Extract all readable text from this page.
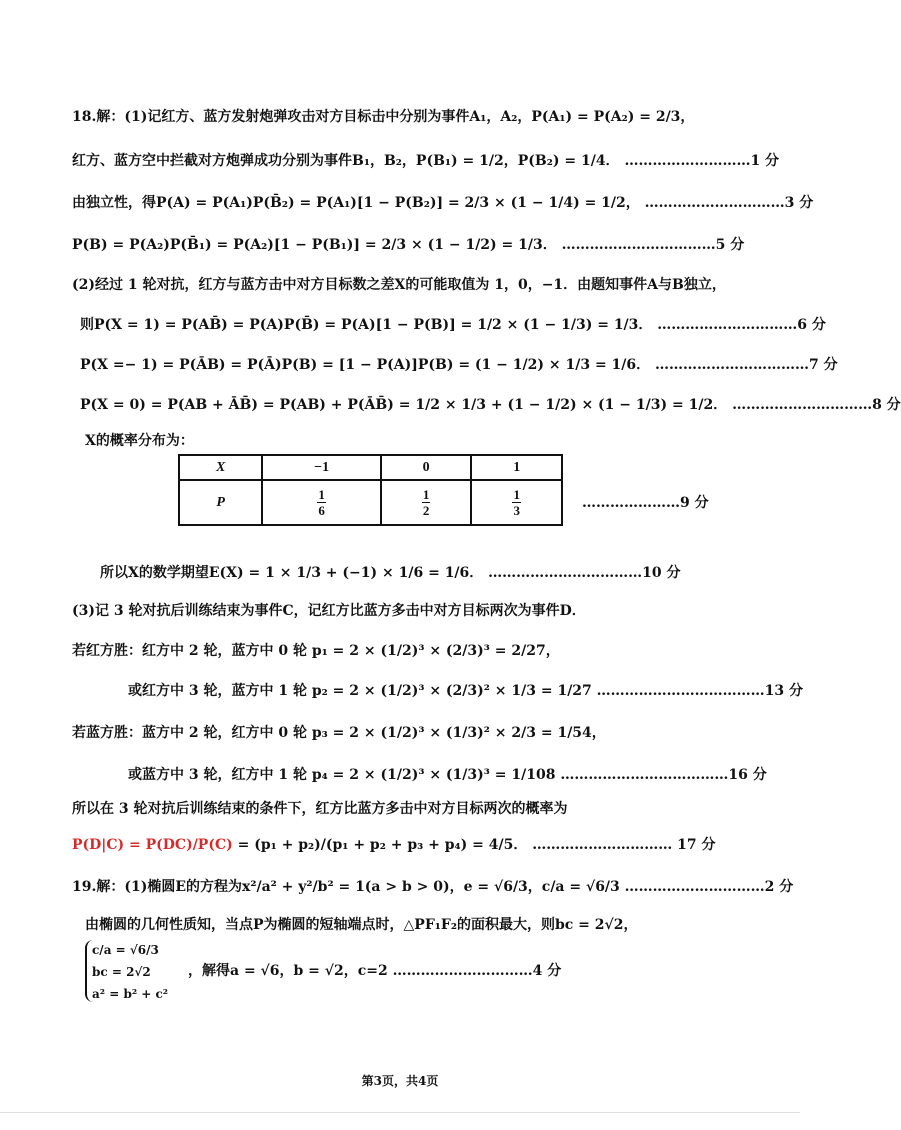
18.解：(1)记红方、蓝方发射炮弹攻击对方目标击中分别为事件A₁，A₂，P(A₁) = P(A₂) = 2/3，
红方、蓝方空中拦截对方炮弹成功分别为事件B₁，B₂，P(B₁) = 1/2，P(B₂) = 1/4． ………………………1 分
由独立性，得P(A) = P(A₁)P(B̄₂) = P(A₁)[1 − P(B₂)] = 2/3 × (1 − 1/4) = 1/2， …………………………3 分
P(B) = P(A₂)P(B̄₁) = P(A₂)[1 − P(B₁)] = 2/3 × (1 − 1/2) = 1/3． ……………………………5 分
(2)经过 1 轮对抗，红方与蓝方击中对方目标数之差X的可能取值为 1，0，−1．由题知事件A与B独立，
则P(X = 1) = P(AB̄) = P(A)P(B̄) = P(A)[1 − P(B)] = 1/2 × (1 − 1/3) = 1/3． …………………………6 分
P(X =− 1) = P(ĀB) = P(Ā)P(B) = [1 − P(A)]P(B) = (1 − 1/2) × 1/3 = 1/6． ……………………………7 分
P(X = 0) = P(AB + ĀB̄) = P(AB) + P(ĀB̄) = 1/2 × 1/3 + (1 − 1/2) × (1 − 1/3) = 1/2． …………………………8 分
X的概率分布为：
X	−1	0	1
P	$\frac{1}{6}$	$\frac{1}{2}$	$\frac{1}{3}$	…………………9 分
所以X的数学期望E(X) = 1 × 1/3 + (−1) × 1/6 = 1/6． ……………………………10 分
(3)记 3 轮对抗后训练结束为事件C，记红方比蓝方多击中对方目标两次为事件D．
若红方胜：红方中 2 轮，蓝方中 0 轮 p₁ = 2 × (1/2)³ × (2/3)³ = 2/27，
或红方中 3 轮，蓝方中 1 轮 p₂ = 2 × (1/2)³ × (2/3)² × 1/3 = 1/27 ………………………………13 分
若蓝方胜：蓝方中 2 轮，红方中 0 轮 p₃ = 2 × (1/2)³ × (1/3)² × 2/3 = 1/54，
或蓝方中 3 轮，红方中 1 轮 p₄ = 2 × (1/2)³ × (1/3)³ = 1/108 ………………………………16 分
所以在 3 轮对抗后训练结束的条件下，红方比蓝方多击中对方目标两次的概率为
P(D|C) = P(DC)/P(C) = (p₁ + p₂)/(p₁ + p₂ + p₃ + p₄) = 4/5． ………………………… 17 分
19.解：(1)椭圆E的方程为x²/a² + y²/b² = 1(a > b > 0)，e = √6/3，c/a = √6/3 …………………………2 分
由椭圆的几何性质知，当点P为椭圆的短轴端点时，△PF₁F₂的面积最大，则bc = 2√2，
c/a = √6/3
bc = 2√2
a² = b² + c²
，解得a = √6，b = √2，c=2 …………………………4 分
第3页，共4页
